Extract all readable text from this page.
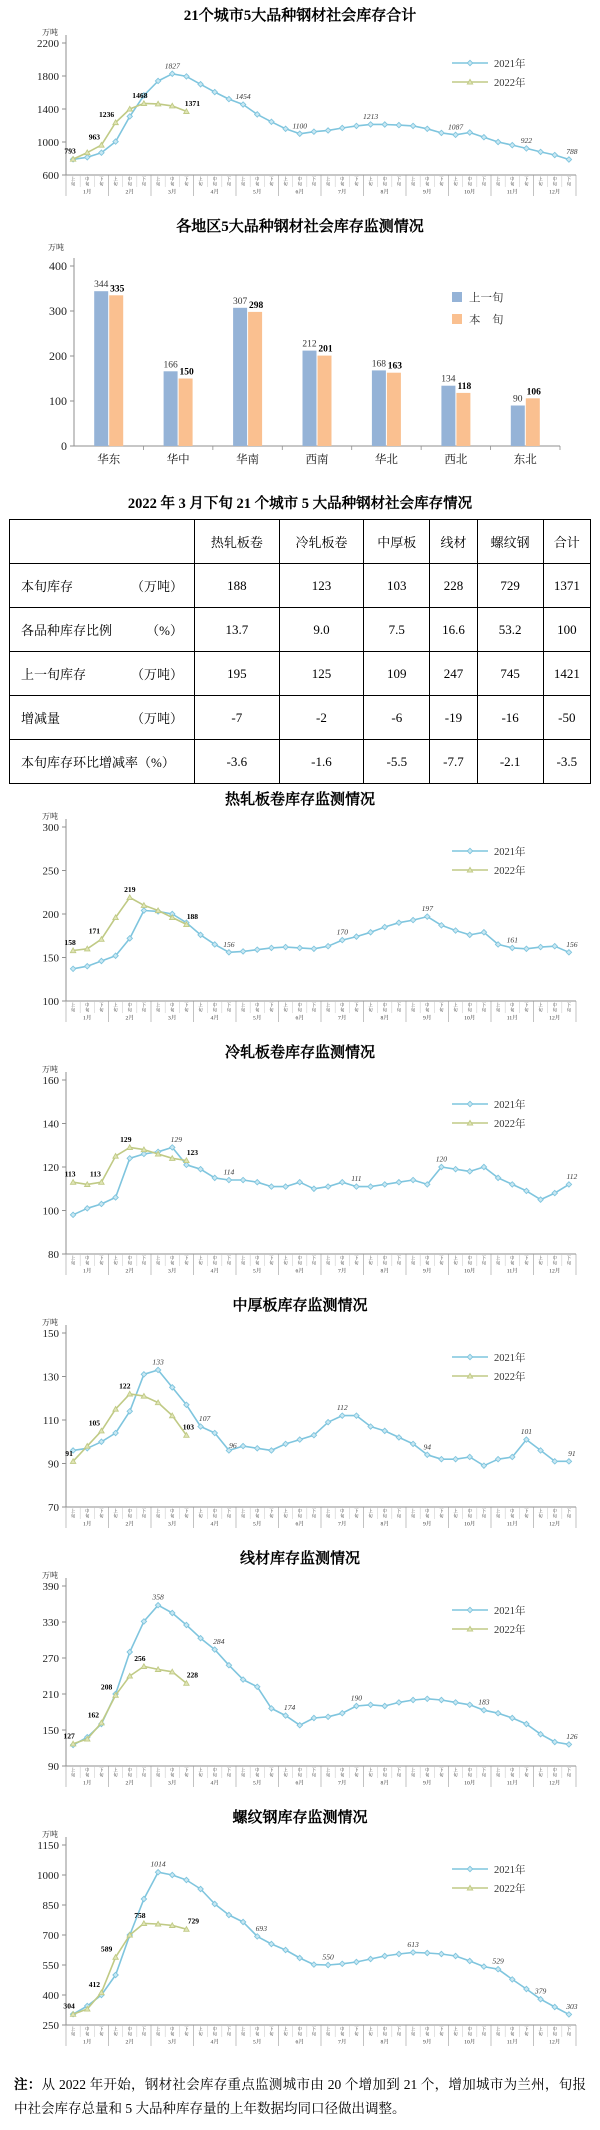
21个城市5大品种钢材社会库存合计
600
1000
1400
1800
2200
万吨
1月
上
旬
中
旬
下
旬
2月
上
旬
中
旬
下
旬
3月
上
旬
中
旬
下
旬
4月
上
旬
中
旬
下
旬
5月
上
旬
中
旬
下
旬
6月
上
旬
中
旬
下
旬
7月
上
旬
中
旬
下
旬
8月
上
旬
中
旬
下
旬
9月
上
旬
中
旬
下
旬
10月
上
旬
中
旬
下
旬
11月
上
旬
中
旬
下
旬
12月
上
旬
中
旬
下
旬
1827
1454
1100
1213
1087
922
788
793
963
1236
1468
1371
2021年
2022年
各地区5大品种钢材社会库存监测情况
0
100
200
300
400
万吨
344 335
华东
166
150
华中
307 298
华南
212 201
西南
168 163
华北
134
118
西北
90
106
东北
上一旬
本　旬
2022 年 3 月下旬 21 个城市 5 大品种钢材社会库存情况
	热轧板卷	冷轧板卷	中厚板	线材	螺纹钢	合计

本旬库存 （万吨）	188	123	103	228	729	1371

各品种库存比例 （%）	13.7	9.0	7.5	16.6	53.2	100

上一旬库存 （万吨）	195	125	109	247	745	1421

增减量 （万吨）	-7	-2	-6	-19	-16	-50

本旬库存环比增减率（%）	-3.6	-1.6	-5.5	-7.7	-2.1	-3.5
热轧板卷库存监测情况
100
150
200
250
300
万吨
1月
上
旬
中
旬
下
旬
2月
上
旬
中
旬
下
旬
3月
上
旬
中
旬
下
旬
4月
上
旬
中
旬
下
旬
5月
上
旬
中
旬
下
旬
6月
上
旬
中
旬
下
旬
7月
上
旬
中
旬
下
旬
8月
上
旬
中
旬
下
旬
9月
上
旬
中
旬
下
旬
10月
上
旬
中
旬
下
旬
11月
上
旬
中
旬
下
旬
12月
上
旬
中
旬
下
旬
156
170
197
161	156
158
171
219
188
2021年
2022年
冷轧板卷库存监测情况
80
100
120
140
160
万吨
1月
上
旬
中
旬
下
旬
2月
上
旬
中
旬
下
旬
3月
上
旬
中
旬
下
旬
4月
上
旬
中
旬
下
旬
5月
上
旬
中
旬
下
旬
6月
上
旬
中
旬
下
旬
7月
上
旬
中
旬
下
旬
8月
上
旬
中
旬
下
旬
9月
上
旬
中
旬
下
旬
10月
上
旬
中
旬
下
旬
11月
上
旬
中
旬
下
旬
12月
上
旬
中
旬
下
旬
129
114
111
120
112
113 113
129
123
2021年
2022年
中厚板库存监测情况
70
90
110
130
150
万吨
1月
上
旬
中
旬
下
旬
2月
上
旬
中
旬
下
旬
3月
上
旬
中
旬
下
旬
4月
上
旬
中
旬
下
旬
5月
上
旬
中
旬
下
旬
6月
上
旬
中
旬
下
旬
7月
上
旬
中
旬
下
旬
8月
上
旬
中
旬
下
旬
9月
上
旬
中
旬
下
旬
10月
上
旬
中
旬
下
旬
11月
上
旬
中
旬
下
旬
12月
上
旬
中
旬
下
旬
133
107
96
112
94
101
91
91
105
122
103
2021年
2022年
线材库存监测情况
90
150
210
270
330
390
万吨
1月
上
旬
中
旬
下
旬
2月
上
旬
中
旬
下
旬
3月
上
旬
中
旬
下
旬
4月
上
旬
中
旬
下
旬
5月
上
旬
中
旬
下
旬
6月
上
旬
中
旬
下
旬
7月
上
旬
中
旬
下
旬
8月
上
旬
中
旬
下
旬
9月
上
旬
中
旬
下
旬
10月
上
旬
中
旬
下
旬
11月
上
旬
中
旬
下
旬
12月
上
旬
中
旬
下
旬
358
284
174
190	183
126
127
162
208
256
228
2021年
2022年
螺纹钢库存监测情况
250
400
550
700
850
1000
1150
万吨
1月
上
旬
中
旬
下
旬
2月
上
旬
中
旬
下
旬
3月
上
旬
中
旬
下
旬
4月
上
旬
中
旬
下
旬
5月
上
旬
中
旬
下
旬
6月
上
旬
中
旬
下
旬
7月
上
旬
中
旬
下
旬
8月
上
旬
中
旬
下
旬
9月
上
旬
中
旬
下
旬
10月
上
旬
中
旬
下
旬
11月
上
旬
中
旬
下
旬
12月
上
旬
中
旬
下
旬
1014
693
550
613
529
379
303
304
412
589
758
729
2021年
2022年

注：从 2022 年开始，钢材社会库存重点监测城市由 20 个增加到 21 个，增加城市为兰州，旬报中社会库存总量和 5 大品种库存量的上年数据均同口径做出调整。
